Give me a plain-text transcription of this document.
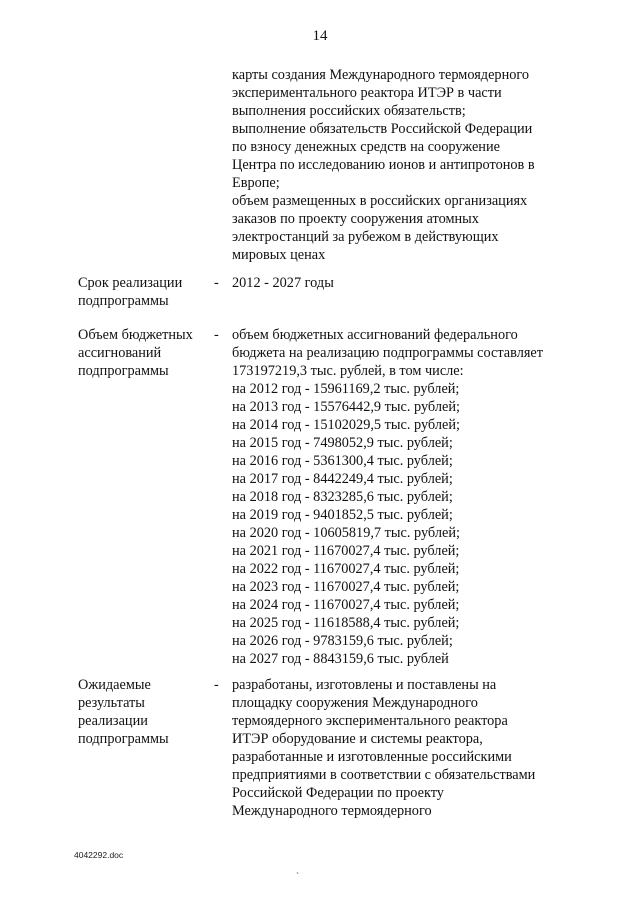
14
карты создания Международного термоядерного
экспериментального реактора ИТЭР в части
выполнения российских обязательств;
выполнение обязательств Российской Федерации
по взносу денежных средств на сооружение
Центра по исследованию ионов и антипротонов в
Европе;
объем размещенных в российских организациях
заказов по проекту сооружения атомных
электростанций за рубежом в действующих
мировых ценах
Срок реализации
подпрограммы
- 2012 - 2027 годы
Объем бюджетных
ассигнований
подпрограммы
- объем бюджетных ассигнований федерального
бюджета на реализацию подпрограммы составляет
173197219,3 тыс. рублей, в том числе:
на 2012 год - 15961169,2 тыс. рублей;
на 2013 год - 15576442,9 тыс. рублей;
на 2014 год - 15102029,5 тыс. рублей;
на 2015 год - 7498052,9 тыс. рублей;
на 2016 год - 5361300,4 тыс. рублей;
на 2017 год - 8442249,4 тыс. рублей;
на 2018 год - 8323285,6 тыс. рублей;
на 2019 год - 9401852,5 тыс. рублей;
на 2020 год - 10605819,7 тыс. рублей;
на 2021 год - 11670027,4 тыс. рублей;
на 2022 год - 11670027,4 тыс. рублей;
на 2023 год - 11670027,4 тыс. рублей;
на 2024 год - 11670027,4 тыс. рублей;
на 2025 год - 11618588,4 тыс. рублей;
на 2026 год - 9783159,6 тыс. рублей;
на 2027 год - 8843159,6 тыс. рублей
Ожидаемые
результаты
реализации
подпрограммы
- разработаны, изготовлены и поставлены на
площадку сооружения Международного
термоядерного экспериментального реактора
ИТЭР оборудование и системы реактора,
разработанные и изготовленные российскими
предприятиями в соответствии с обязательствами
Российской Федерации по проекту
Международного термоядерного
4042292.doc
`
